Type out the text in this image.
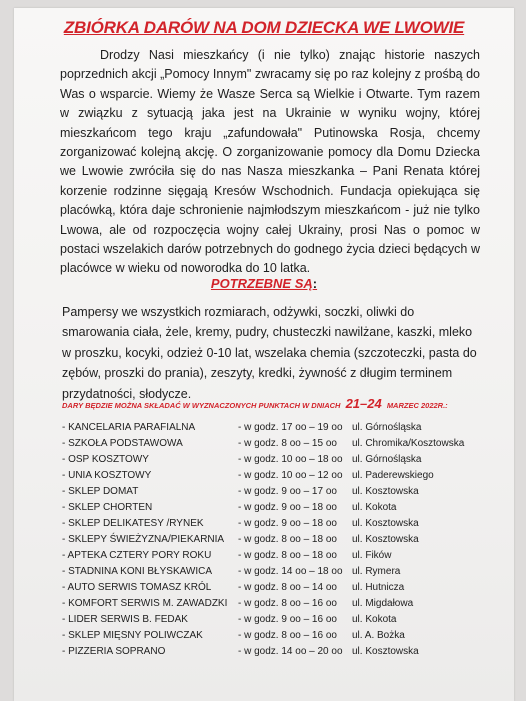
ZBIÓRKA DARÓW NA DOM DZIECKA WE LWOWIE
Drodzy Nasi mieszkańcy (i nie tylko) znając historie naszych poprzednich akcji „Pomocy Innym" zwracamy się po raz kolejny z prośbą do Was o wsparcie. Wiemy że Wasze Serca są Wielkie i Otwarte. Tym razem w związku z sytuacją jaka jest na Ukrainie w wyniku wojny, której mieszkańcom tego kraju „zafundowała" Putinowska Rosja, chcemy zorganizować kolejną akcję. O zorganizowanie pomocy dla Domu Dziecka we Lwowie zwróciła się do nas Nasza mieszkanka – Pani Renata której korzenie rodzinne sięgają Kresów Wschodnich. Fundacja opiekująca się placówką, która daje schronienie najmłodszym mieszkańcom - już nie tylko Lwowa, ale od rozpoczęcia wojny całej Ukrainy, prosi Nas o pomoc w postaci wszelakich darów potrzebnych do godnego życia dzieci będących w placówce w wieku od noworodka do 10 latka.
POTRZEBNE SĄ:
Pampersy we wszystkich rozmiarach, odżywki, soczki, oliwki do smarowania ciała, żele, kremy, pudry, chusteczki nawilżane, kaszki, mleko w proszku, kocyki, odzież 0-10 lat, wszelaka chemia (szczoteczki, pasta do zębów, proszki do prania), zeszyty, kredki, żywność z długim terminem przydatności, słodycze.
DARY BĘDZIE MOŻNA SKŁADAĆ W WYZNACZONYCH PUNKTACH W DNIACH 21–24 MARZEC 2022R.:
- KANCELARIA PARAFIALNA	- w godz. 17 oo – 19 oo ul. Górnośląska
- SZKOŁA PODSTAWOWA	- w godz. 8 oo – 15 oo ul. Chromika/Kosztowska
- OSP KOSZTOWY	- w godz. 10 oo – 18 oo ul. Górnośląska
- UNIA KOSZTOWY	- w godz. 10 oo – 12 oo ul. Paderewskiego
- SKLEP DOMAT	- w godz. 9 oo – 17 oo ul. Kosztowska
- SKLEP CHORTEN	- w godz. 9 oo – 18 oo ul. Kokota
- SKLEP DELIKATESY /RYNEK	- w godz. 9 oo – 18 oo ul. Kosztowska
- SKLEPY ŚWIEŻYZNA/PIEKARNIA - w godz. 8 oo – 18 oo ul. Kosztowska
- APTEKA CZTERY PORY ROKU	- w godz. 8 oo – 18 oo ul. Fików
- STADNINA KONI BŁYSKAWICA	- w godz. 14 oo – 18 oo ul. Rymera
- AUTO SERWIS TOMASZ KRÓL	- w godz. 8 oo – 14 oo ul. Hutnicza
- KOMFORT SERWIS M. ZAWADZKI - w godz. 8 oo – 16 oo ul. Migdałowa
- LIDER SERWIS B. FEDAK	- w godz. 9 oo – 16 oo ul. Kokota
- SKLEP MIĘSNY POLIWCZAK	- w godz. 8 oo – 16 oo ul. A. Bożka
- PIZZERIA SOPRANO	- w godz. 14 oo – 20 oo ul. Kosztowska
